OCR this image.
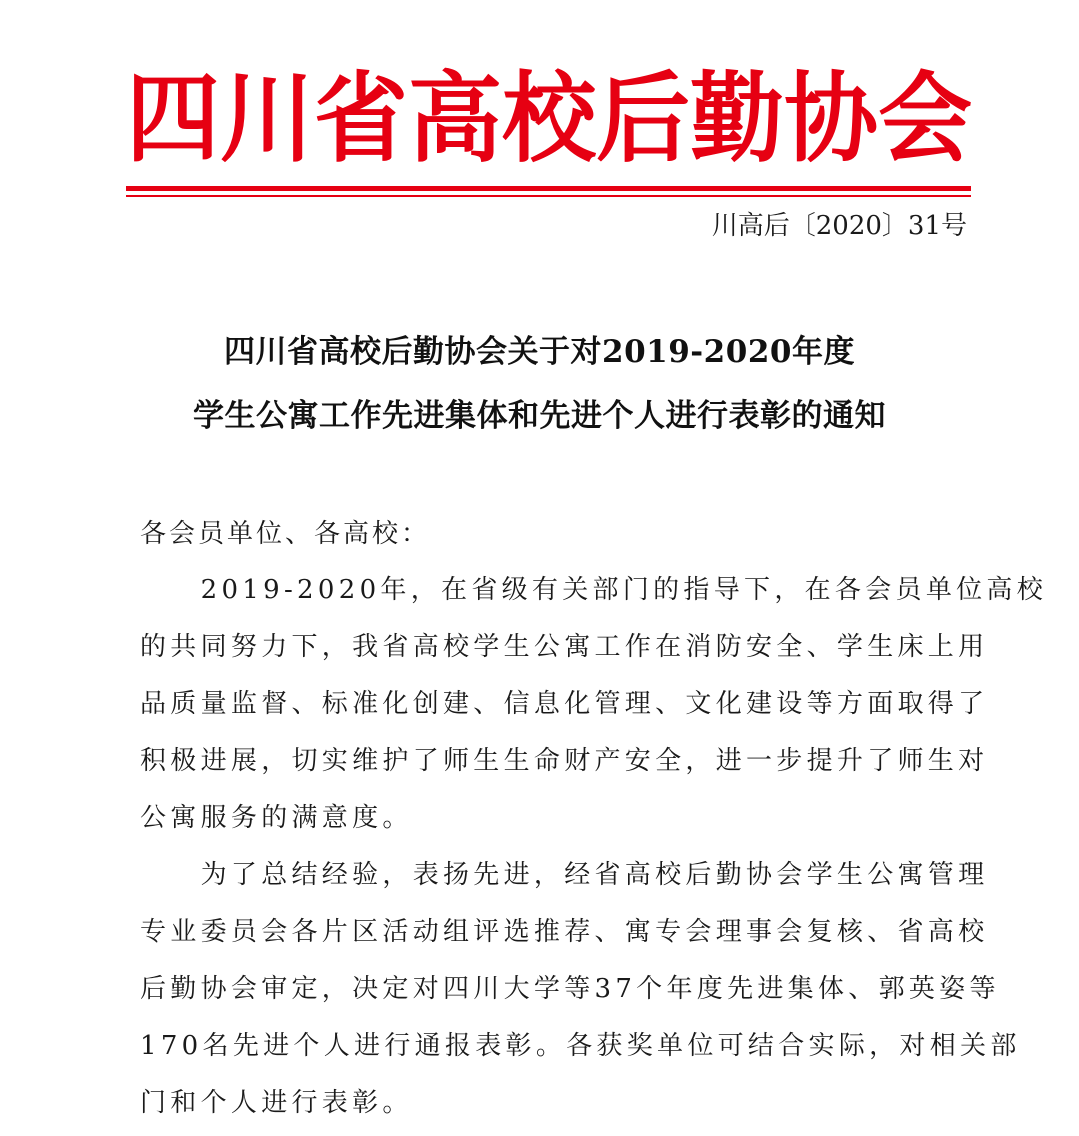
四 川 省 高 校 后 勤 协 会
川高后〔2020〕31号
四川省高校后勤协会关于对2019-2020年度
学生公寓工作先进集体和先进个人进行表彰的通知
各会员单位、各高校：
　　2019-2020年，在省级有关部门的指导下，在各会员单位高校
的共同努力下，我省高校学生公寓工作在消防安全、学生床上用
品质量监督、标准化创建、信息化管理、文化建设等方面取得了
积极进展，切实维护了师生生命财产安全，进一步提升了师生对
公寓服务的满意度。
　　为了总结经验，表扬先进，经省高校后勤协会学生公寓管理
专业委员会各片区活动组评选推荐、寓专会理事会复核、省高校
后勤协会审定，决定对四川大学等37个年度先进集体、郭英姿等
170名先进个人进行通报表彰。各获奖单位可结合实际，对相关部
门和个人进行表彰。
